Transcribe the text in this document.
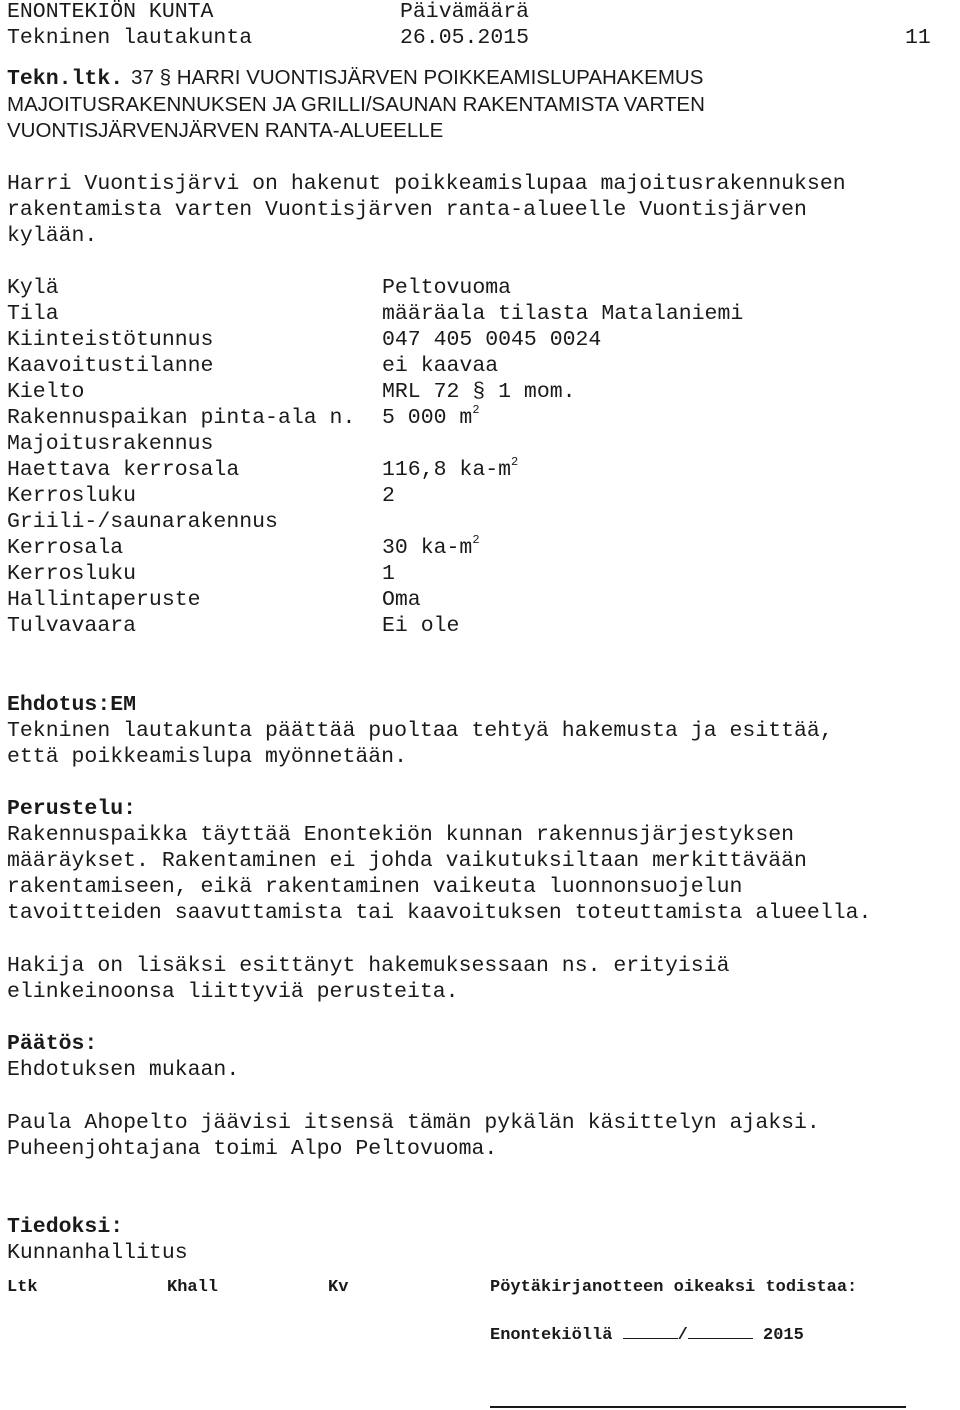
ENONTEKIÖN KUNTA	Päivämäärä
Tekninen lautakunta	26.05.2015	11
Tekn.ltk. 37 § HARRI VUONTISJÄRVEN POIKKEAMISLUPAHAKEMUS
MAJOITUSRAKENNUKSEN JA GRILLI/SAUNAN RAKENTAMISTA VARTEN
VUONTISJÄRVENJÄRVEN RANTA-ALUEELLE
Harri Vuontisjärvi on hakenut poikkeamislupaa majoitusrakennuksen
rakentamista varten Vuontisjärven ranta-alueelle Vuontisjärven
kylään.
Kylä	Peltovuoma
Tila	määräala tilasta Matalaniemi
Kiinteistötunnus	047 405 0045 0024
Kaavoitustilanne	ei kaavaa
Kielto	MRL 72 § 1 mom.
Rakennuspaikan pinta-ala n. 5 000 $m^2$
Majoitusrakennus
Haettava kerrosala	116,8 $ka-m^2$
Kerrosluku	2
Griili-/saunarakennus
Kerrosala	30 $ka-m^2$
Kerrosluku	1
Hallintaperuste	Oma
Tulvavaara	Ei ole
Ehdotus:EM
Tekninen lautakunta päättää puoltaa tehtyä hakemusta ja esittää,
että poikkeamislupa myönnetään.
Perustelu:
Rakennuspaikka täyttää Enontekiön kunnan rakennusjärjestyksen
määräykset. Rakentaminen ei johda vaikutuksiltaan merkittävään
rakentamiseen, eikä rakentaminen vaikeuta luonnonsuojelun
tavoitteiden saavuttamista tai kaavoituksen toteuttamista alueella.
Hakija on lisäksi esittänyt hakemuksessaan ns. erityisiä
elinkeinoonsa liittyviä perusteita.
Päätös:
Ehdotuksen mukaan.
Paula Ahopelto jäävisi itsensä tämän pykälän käsittelyn ajaksi.
Puheenjohtajana toimi Alpo Peltovuoma.
Tiedoksi:
Kunnanhallitus
Ltk	Khall	Kv	Pöytäkirjanotteen oikeaksi todistaa:
Enontekiöllä	/	2015
